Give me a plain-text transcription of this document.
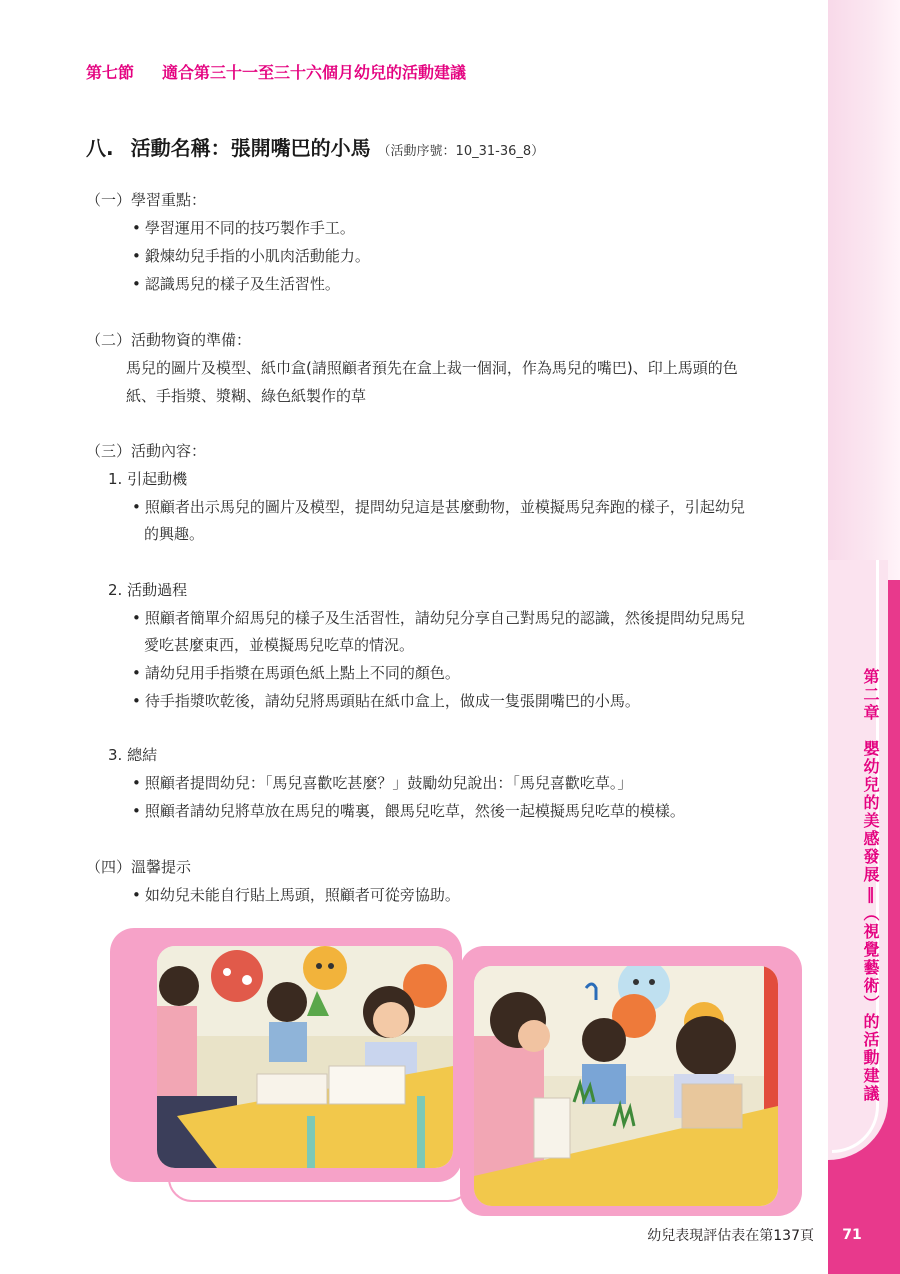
第二章　嬰幼兒的美感發展‖（視覺藝術）的活動建議
第七節 適合第三十一至三十六個月幼兒的活動建議
八. 活動名稱：張開嘴巴的小馬 （活動序號：10_31-36_8）
（一）學習重點：
• 學習運用不同的技巧製作手工。
• 鍛煉幼兒手指的小肌肉活動能力。
• 認識馬兒的樣子及生活習性。
（二）活動物資的準備：
馬兒的圖片及模型、紙巾盒(請照顧者預先在盒上裁一個洞，作為馬兒的嘴巴)、印上馬頭的色
紙、手指漿、漿糊、綠色紙製作的草
（三）活動內容：
1. 引起動機
• 照顧者出示馬兒的圖片及模型，提問幼兒這是甚麼動物，並模擬馬兒奔跑的樣子，引起幼兒
的興趣。
2. 活動過程
• 照顧者簡單介紹馬兒的樣子及生活習性，請幼兒分享自己對馬兒的認識，然後提問幼兒馬兒
愛吃甚麼東西，並模擬馬兒吃草的情況。
• 請幼兒用手指漿在馬頭色紙上點上不同的顏色。
• 待手指漿吹乾後，請幼兒將馬頭貼在紙巾盒上，做成一隻張開嘴巴的小馬。
3. 總結
• 照顧者提問幼兒：「馬兒喜歡吃甚麼？」鼓勵幼兒說出：「馬兒喜歡吃草。」
• 照顧者請幼兒將草放在馬兒的嘴裏，餵馬兒吃草，然後一起模擬馬兒吃草的模樣。
（四）溫馨提示
• 如幼兒未能自行貼上馬頭，照顧者可從旁協助。
幼兒表現評估表在第137頁	71
